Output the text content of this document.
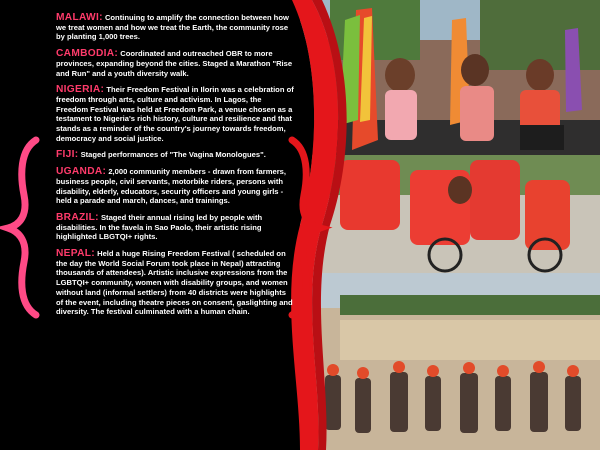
MALAWI: Continuing to amplify the connection between how we treat women and how we treat the Earth, the community rose by planting 1,000 trees.

CAMBODIA: Coordinated and outreached OBR to more provinces, expanding beyond the cities. Staged a Marathon "Rise and Run" and a youth diversity walk.

NIGERIA: Their Freedom Festival in Ilorin was a celebration of freedom through arts, culture and activism. In Lagos, the Freedom Festival was held at Freedom Park, a venue chosen as a testament to Nigeria's rich history, culture and resilience and that stands as a reminder of the country's journey towards freedom, democracy and social justice.

FIJI: Staged performances of "The Vagina Monologues".

UGANDA: 2,000 community members - drawn from farmers, business people, civil servants, motorbike riders, persons with disability, elderly, educators, security officers and young girls - held a parade and march, dances, and trainings.

BRAZIL: Staged their annual rising led by people with disabilities. In the favela in Sao Paolo, their artistic rising highlighted LBGTQI+ rights.

NEPAL: Held a huge Rising Freedom Festival ( scheduled on the day the World Social Forum took place in Nepal) attracting thousands of attendees). Artistic inclusive expressions from the LGBTQI+ community, women with disability groups, and women without land (informal settlers) from 40 districts were highlights of the event, including theatre pieces on consent, gaslighting and diversity. The festival culminated with a human chain.
